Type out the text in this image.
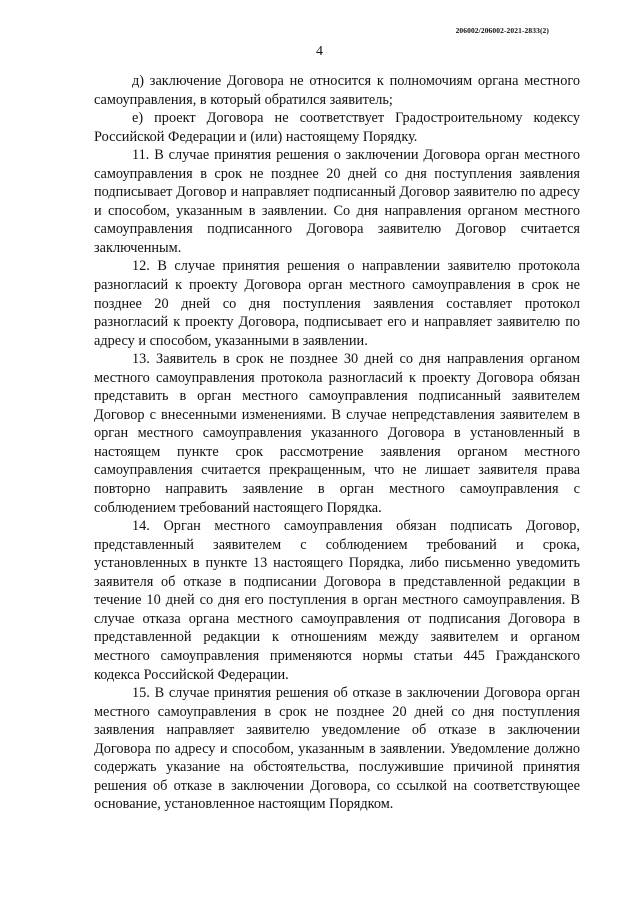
206002/206002-2021-2833(2)
4

д) заключение Договора не относится к полномочиям органа местного самоуправления, в который обратился заявитель;

е) проект Договора не соответствует Градостроительному кодексу Российской Федерации и (или) настоящему Порядку.

11. В случае принятия решения о заключении Договора орган местного самоуправления в срок не позднее 20 дней со дня поступления заявления подписывает Договор и направляет подписанный Договор заявителю по адресу и способом, указанным в заявлении. Со дня направления органом местного самоуправления подписанного Договора заявителю Договор считается заключенным.

12. В случае принятия решения о направлении заявителю протокола разногласий к проекту Договора орган местного самоуправления в срок не позднее 20 дней со дня поступления заявления составляет протокол разногласий к проекту Договора, подписывает его и направляет заявителю по адресу и способом, указанными в заявлении.

13. Заявитель в срок не позднее 30 дней со дня направления органом местного самоуправления протокола разногласий к проекту Договора обязан представить в орган местного самоуправления подписанный заявителем Договор с внесенными изменениями. В случае непредставления заявителем в орган местного самоуправления указанного Договора в установленный в настоящем пункте срок рассмотрение заявления органом местного самоуправления считается прекращенным, что не лишает заявителя права повторно направить заявление в орган местного самоуправления с соблюдением требований настоящего Порядка.

14. Орган местного самоуправления обязан подписать Договор, представленный заявителем с соблюдением требований и срока, установленных в пункте 13 настоящего Порядка, либо письменно уведомить заявителя об отказе в подписании Договора в представленной редакции в течение 10 дней со дня его поступления в орган местного самоуправления. В случае отказа органа местного самоуправления от подписания Договора в представленной редакции к отношениям между заявителем и органом местного самоуправления применяются нормы статьи 445 Гражданского кодекса Российской Федерации.

15. В случае принятия решения об отказе в заключении Договора орган местного самоуправления в срок не позднее 20 дней со дня поступления заявления направляет заявителю уведомление об отказе в заключении Договора по адресу и способом, указанным в заявлении. Уведомление должно содержать указание на обстоятельства, послужившие причиной принятия решения об отказе в заключении Договора, со ссылкой на соответствующее основание, установленное настоящим Порядком.
